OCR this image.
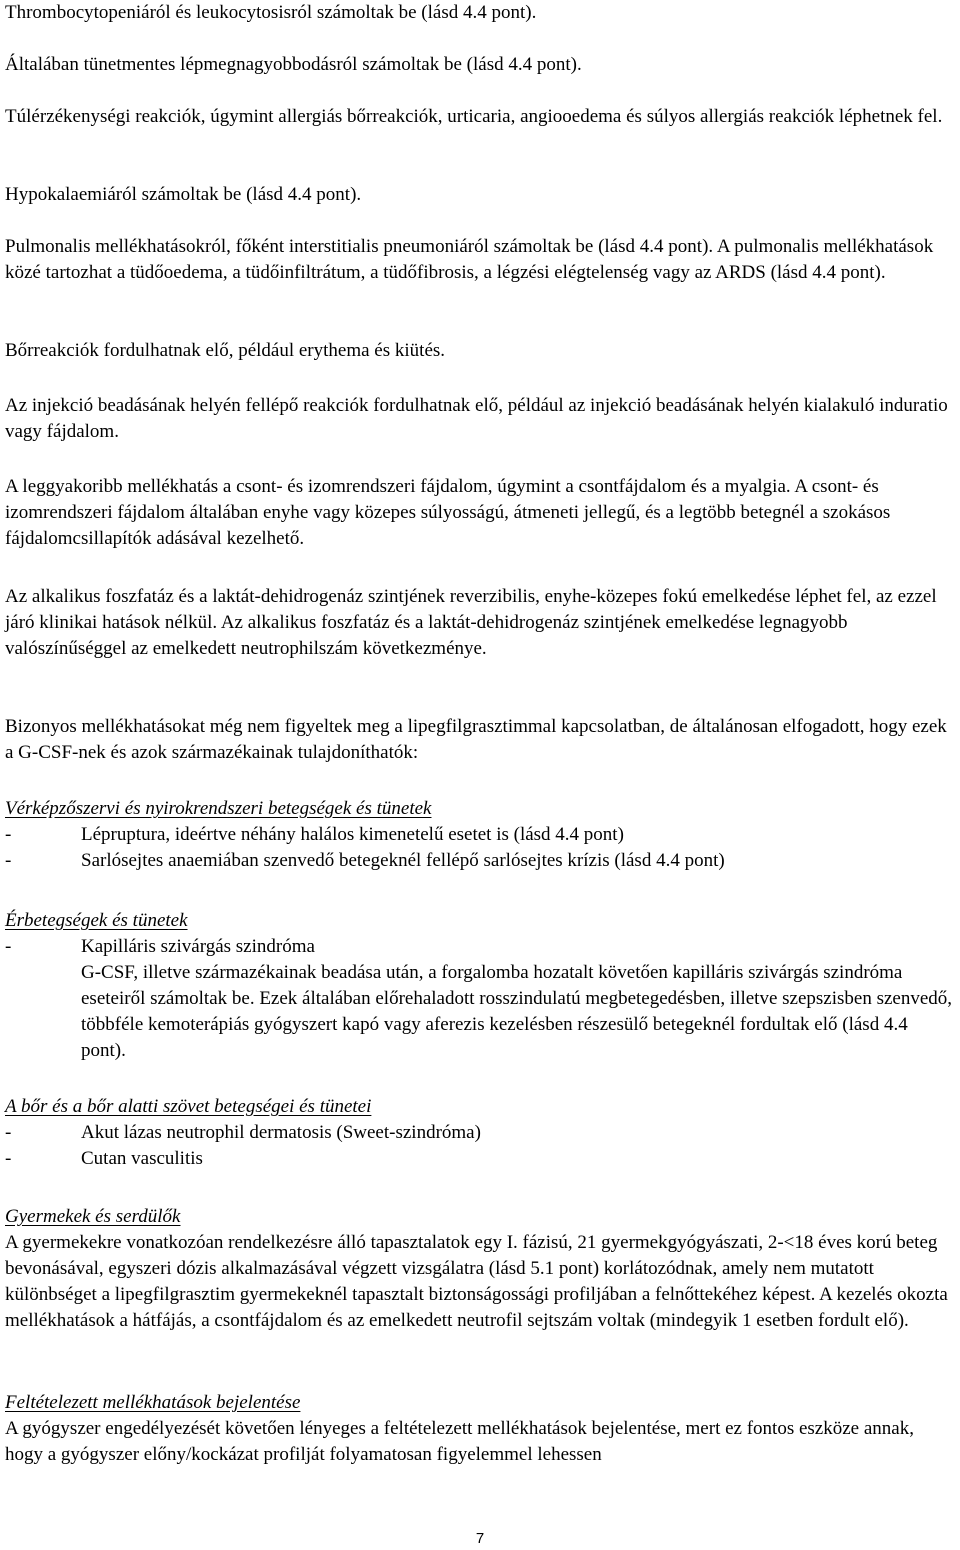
Thrombocytopeniáról és leukocytosisról számoltak be (lásd 4.4 pont).

Általában tünetmentes lépmegnagyobbodásról számoltak be (lásd 4.4 pont).

Túlérzékenységi reakciók, úgymint allergiás bőrreakciók, urticaria, angiooedema és súlyos allergiás reakciók léphetnek fel.

Hypokalaemiáról számoltak be (lásd 4.4 pont).

Pulmonalis mellékhatásokról, főként interstitialis pneumoniáról számoltak be (lásd 4.4 pont). A pulmonalis mellékhatások közé tartozhat a tüdőoedema, a tüdőinfiltrátum, a tüdőfibrosis, a légzési elégtelenség vagy az ARDS (lásd 4.4 pont).

Bőrreakciók fordulhatnak elő, például erythema és kiütés.

Az injekció beadásának helyén fellépő reakciók fordulhatnak elő, például az injekció beadásának helyén kialakuló induratio vagy fájdalom.

A leggyakoribb mellékhatás a csont- és izomrendszeri fájdalom, úgymint a csontfájdalom és a myalgia. A csont- és izomrendszeri fájdalom általában enyhe vagy közepes súlyosságú, átmeneti jellegű, és a legtöbb betegnél a szokásos fájdalomcsillapítók adásával kezelhető.

Az alkalikus foszfatáz és a laktát-dehidrogenáz szintjének reverzibilis, enyhe-közepes fokú emelkedése léphet fel, az ezzel járó klinikai hatások nélkül. Az alkalikus foszfatáz és a laktát-dehidrogenáz szintjének emelkedése legnagyobb valószínűséggel az emelkedett neutrophilszám következménye.

Bizonyos mellékhatásokat még nem figyeltek meg a lipegfilgrasztimmal kapcsolatban, de általánosan elfogadott, hogy ezek a G-CSF-nek és azok származékainak tulajdoníthatók:

Vérképzőszervi és nyirokrendszeri betegségek és tünetek
-	Lépruptura, ideértve néhány halálos kimenetelű esetet is (lásd 4.4 pont)
-	Sarlósejtes anaemiában szenvedő betegeknél fellépő sarlósejtes krízis (lásd 4.4 pont)
Érbetegségek és tünetek
-	Kapilláris szivárgás szindróma

G-CSF, illetve származékainak beadása után, a forgalomba hozatalt követően kapilláris szivárgás szindróma eseteiről számoltak be. Ezek általában előrehaladott rosszindulatú megbetegedésben, illetve szepszisben szenvedő, többféle kemoterápiás gyógyszert kapó vagy aferezis kezelésben részesülő betegeknél fordultak elő (lásd 4.4 pont).

A bőr és a bőr alatti szövet betegségei és tünetei
-	Akut lázas neutrophil dermatosis (Sweet-szindróma)
-	Cutan vasculitis
Gyermekek és serdülők

A gyermekekre vonatkozóan rendelkezésre álló tapasztalatok egy I. fázisú, 21 gyermekgyógyászati, 2-<18 éves korú beteg bevonásával, egyszeri dózis alkalmazásával végzett vizsgálatra (lásd 5.1 pont) korlátozódnak, amely nem mutatott különbséget a lipegfilgrasztim gyermekeknél tapasztalt biztonságossági profiljában a felnőttekéhez képest. A kezelés okozta mellékhatások a hátfájás, a csontfájdalom és az emelkedett neutrofil sejtszám voltak (mindegyik 1 esetben fordult elő).

Feltételezett mellékhatások bejelentése

A gyógyszer engedélyezését követően lényeges a feltételezett mellékhatások bejelentése, mert ez fontos eszköze annak, hogy a gyógyszer előny/kockázat profilját folyamatosan figyelemmel lehessen

7
